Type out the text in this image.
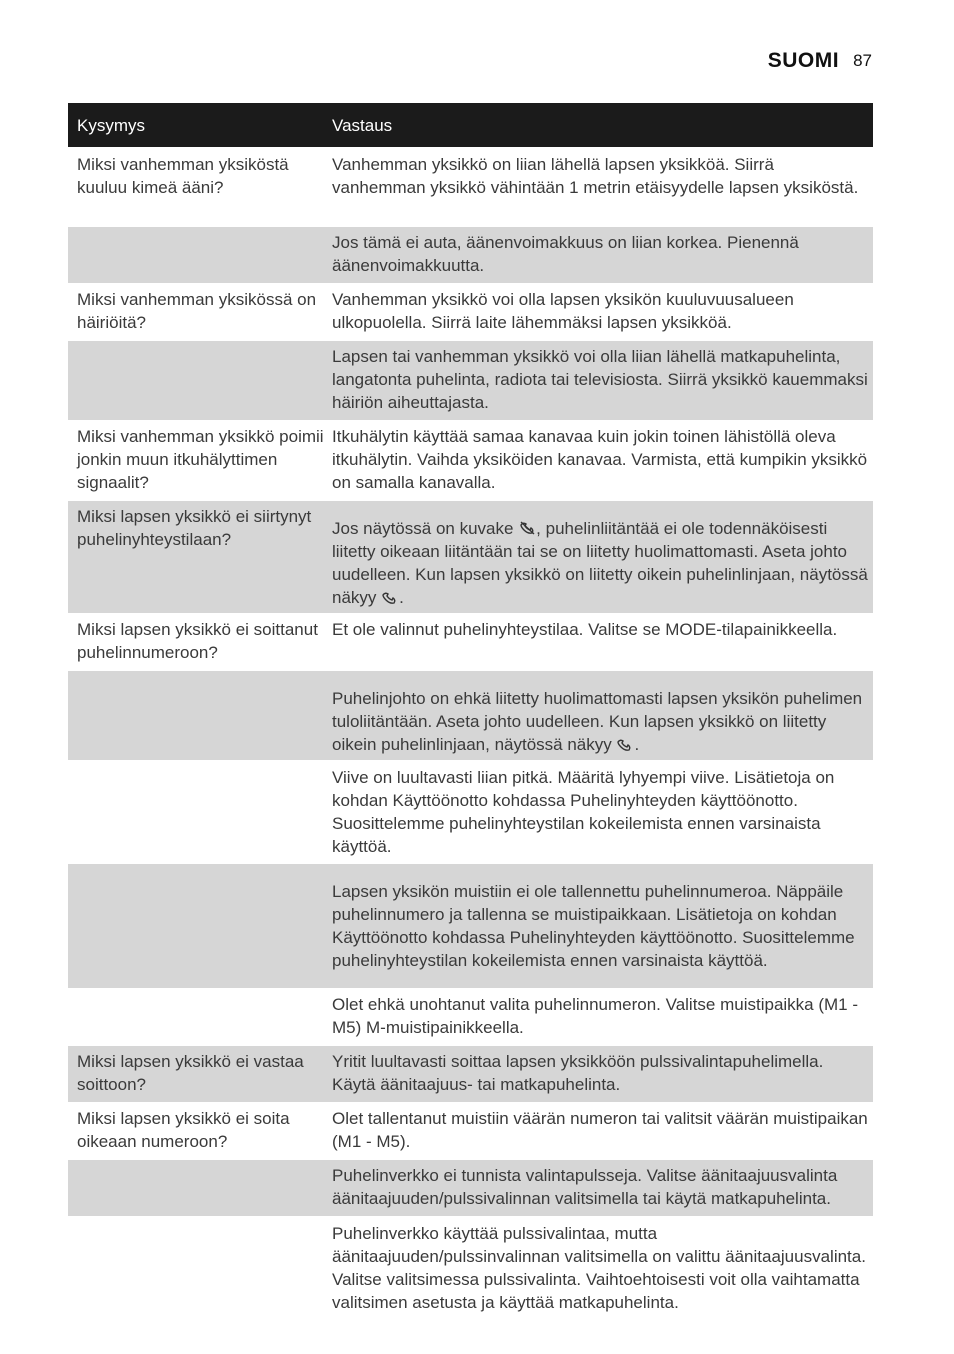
SUOMI 87
Kysymys	Vastaus
Miksi vanhemman yksiköstä kuuluu kimeä ääni?	Vanhemman yksikkö on liian lähellä lapsen yksikköä. Siirrä vanhemman yksikkö vähintään 1 metrin etäisyydelle lapsen yksiköstä.
	Jos tämä ei auta, äänenvoimakkuus on liian korkea. Pienennä äänenvoimakkuutta.
Miksi vanhemman yksikössä on häiriöitä?	Vanhemman yksikkö voi olla lapsen yksikön kuuluvuusalueen ulkopuolella. Siirrä laite lähemmäksi lapsen yksikköä.
	Lapsen tai vanhemman yksikkö voi olla liian lähellä matkapuhelinta, langatonta puhelinta, radiota tai televisiosta. Siirrä yksikkö kauemmaksi häiriön aiheuttajasta.
Miksi vanhemman yksikkö poimii jonkin muun itkuhälyttimen signaalit?	Itkuhälytin käyttää samaa kanavaa kuin jokin toinen lähistöllä oleva itkuhälytin. Vaihda yksiköiden kanavaa. Varmista, että kumpikin yksikkö on samalla kanavalla.
Miksi lapsen yksikkö ei siirtynyt puhelinyhteystilaan?	Jos näytössä on kuvake , puhelinliitäntää ei ole todennäköisesti liitetty oikeaan liitäntään tai se on liitetty huolimattomasti. Aseta johto uudelleen. Kun lapsen yksikkö on liitetty oikein puhelinlinjaan, näytössä näkyy .
Miksi lapsen yksikkö ei soittanut puhelinnumeroon?	Et ole valinnut puhelinyhteystilaa. Valitse se MODE-tilapainikkeella.
	Puhelinjohto on ehkä liitetty huolimattomasti lapsen yksikön puhelimen tuloliitäntään. Aseta johto uudelleen. Kun lapsen yksikkö on liitetty oikein puhelinlinjaan, näytössä näkyy .
	Viive on luultavasti liian pitkä. Määritä lyhyempi viive. Lisätietoja on kohdan Käyttöönotto kohdassa Puhelinyhteyden käyttöönotto. Suosittelemme puhelinyhteystilan kokeilemista ennen varsinaista käyttöä.
	Lapsen yksikön muistiin ei ole tallennettu puhelinnumeroa. Näppäile puhelinnumero ja tallenna se muistipaikkaan. Lisätietoja on kohdan Käyttöönotto kohdassa Puhelinyhteyden käyttöönotto. Suosittelemme puhelinyhteystilan kokeilemista ennen varsinaista käyttöä.
	Olet ehkä unohtanut valita puhelinnumeron. Valitse muistipaikka (M1 - M5) M-muistipainikkeella.
Miksi lapsen yksikkö ei vastaa soittoon?	Yritit luultavasti soittaa lapsen yksikköön pulssivalintapuhelimella. Käytä äänitaajuus- tai matkapuhelinta.
Miksi lapsen yksikkö ei soita oikeaan numeroon?	Olet tallentanut muistiin väärän numeron tai valitsit väärän muistipaikan (M1 - M5).
	Puhelinverkko ei tunnista valintapulsseja. Valitse äänitaajuusvalinta äänitaajuuden/pulssivalinnan valitsimella tai käytä matkapuhelinta.
	Puhelinverkko käyttää pulssivalintaa, mutta äänitaajuuden/pulssinvalinnan valitsimella on valittu äänitaajuusvalinta. Valitse valitsimessa pulssivalinta. Vaihtoehtoisesti voit olla vaihtamatta valitsimen asetusta ja käyttää matkapuhelinta.
